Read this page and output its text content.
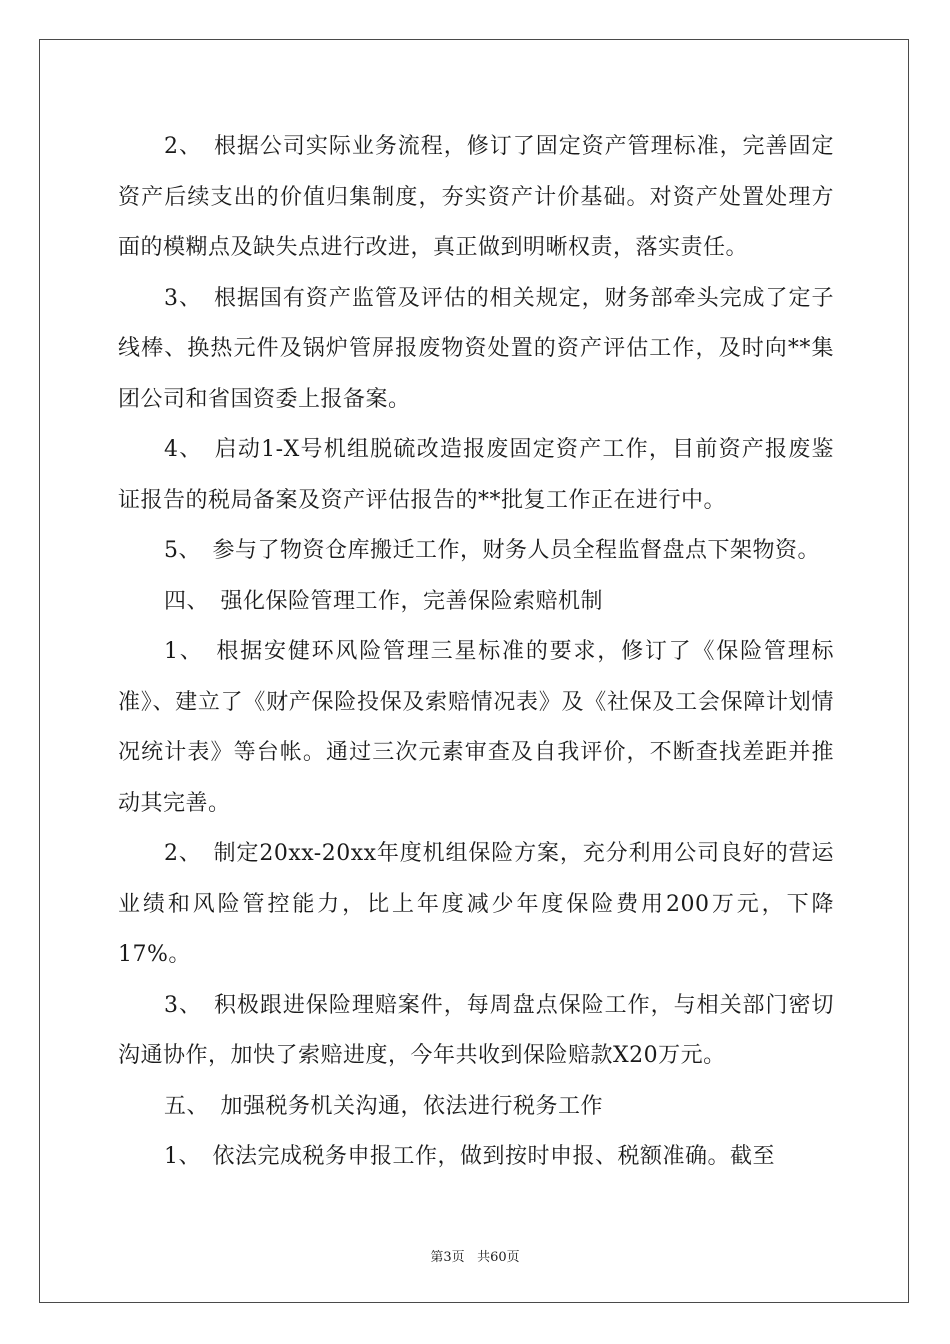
2、　根据公司实际业务流程，修订了固定资产管理标准，完善固定资产后续支出的价值归集制度，夯实资产计价基础。对资产处置处理方面的模糊点及缺失点进行改进，真正做到明晰权责，落实责任。

3、　根据国有资产监管及评估的相关规定，财务部牵头完成了定子线棒、换热元件及锅炉管屏报废物资处置的资产评估工作，及时向**集团公司和省国资委上报备案。

4、　启动1-X号机组脱硫改造报废固定资产工作，目前资产报废鉴证报告的税局备案及资产评估报告的**批复工作正在进行中。

5、　参与了物资仓库搬迁工作，财务人员全程监督盘点下架物资。

四、　强化保险管理工作，完善保险索赔机制

1、　根据安健环风险管理三星标准的要求，修订了《保险管理标准》、建立了《财产保险投保及索赔情况表》及《社保及工会保障计划情况统计表》等台帐。通过三次元素审查及自我评价，不断查找差距并推动其完善。

2、　制定20xx-20xx年度机组保险方案，充分利用公司良好的营运业绩和风险管控能力，比上年度减少年度保险费用200万元，下降17%。

3、　积极跟进保险理赔案件，每周盘点保险工作，与相关部门密切沟通协作，加快了索赔进度，今年共收到保险赔款X20万元。

五、　加强税务机关沟通，依法进行税务工作

1、　依法完成税务申报工作，做到按时申报、税额准确。截至

第3页 共60页
